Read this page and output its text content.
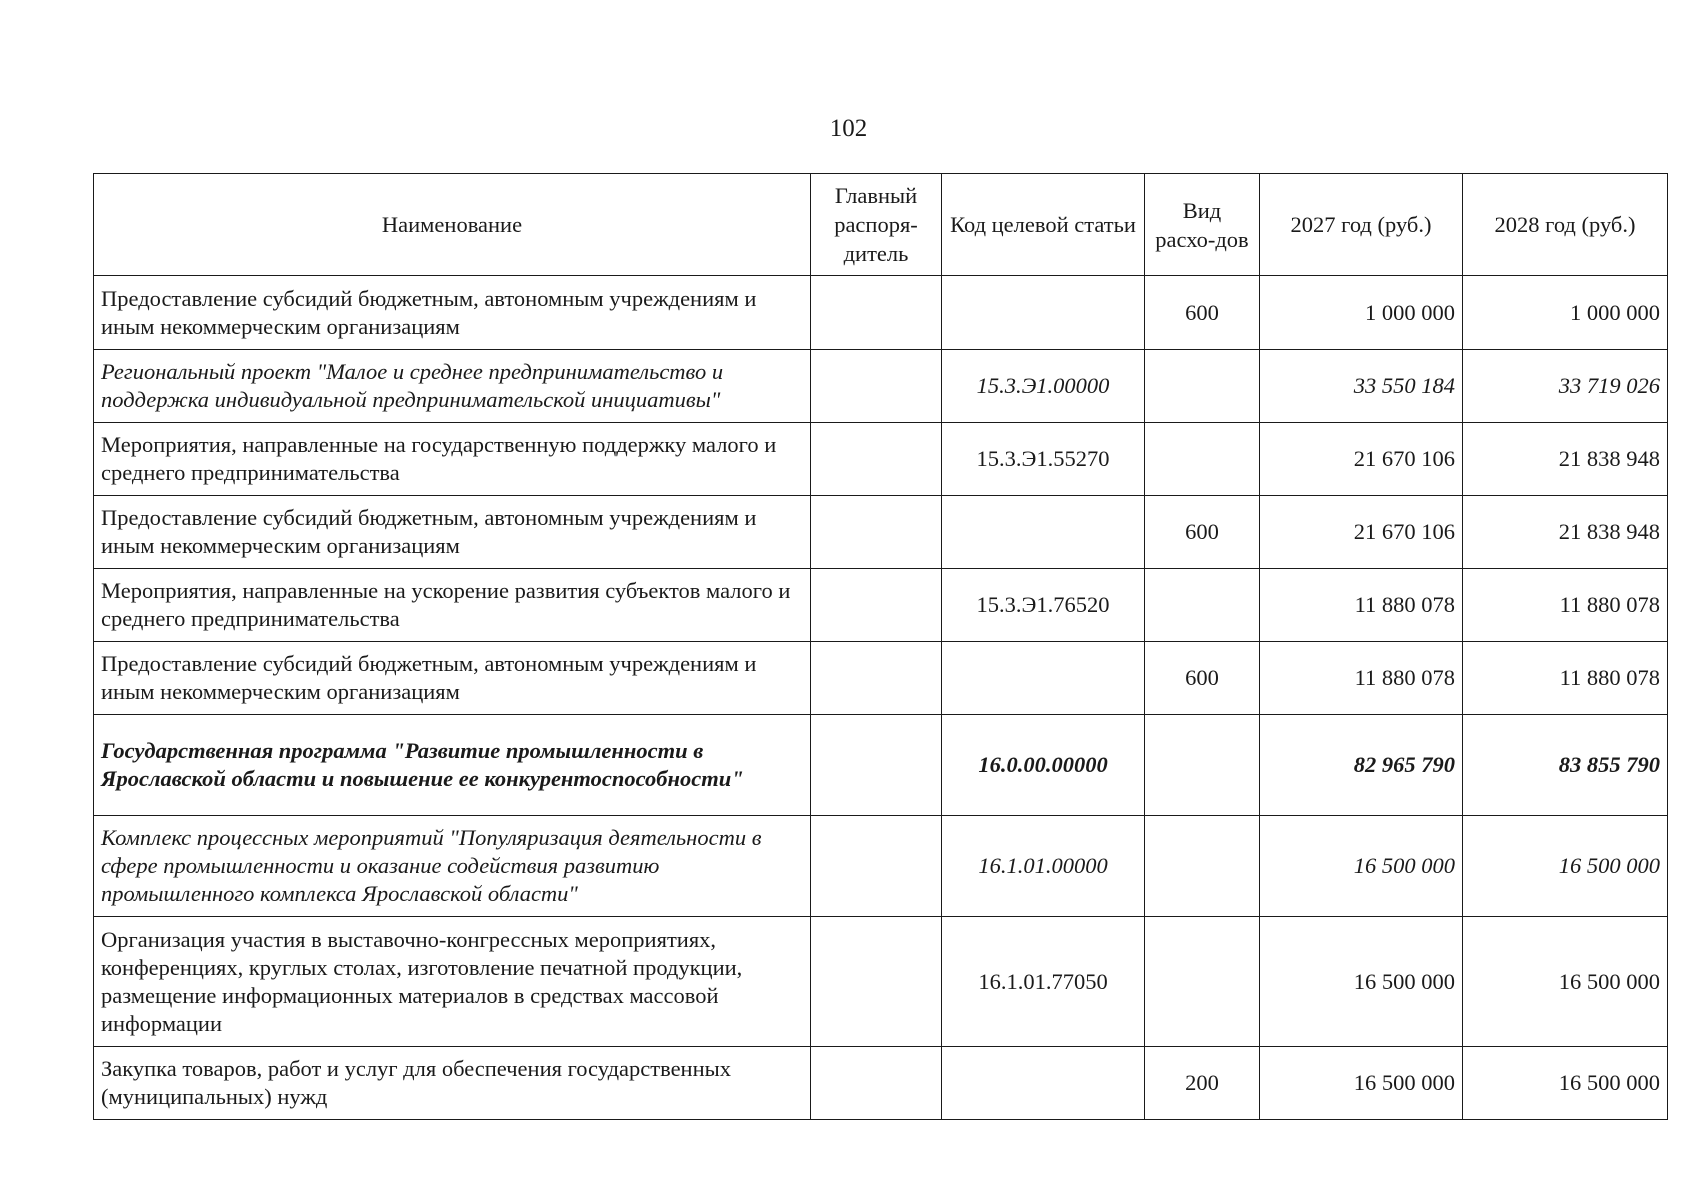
102
Наименование	Главный распоря-дитель	Код целевой статьи	Вид расхо-дов	2027 год (руб.)	2028 год (руб.)
Предоставление субсидий бюджетным, автономным учреждениям и иным некоммерческим организациям			600	1 000 000	1 000 000
Региональный проект "Малое и среднее предпринимательство и поддержка индивидуальной предпринимательской инициативы"		15.3.Э1.00000		33 550 184	33 719 026
Мероприятия, направленные на государственную поддержку малого и среднего предпринимательства		15.3.Э1.55270		21 670 106	21 838 948
Предоставление субсидий бюджетным, автономным учреждениям и иным некоммерческим организациям			600	21 670 106	21 838 948
Мероприятия, направленные на ускорение развития субъектов малого и среднего предпринимательства		15.3.Э1.76520		11 880 078	11 880 078
Предоставление субсидий бюджетным, автономным учреждениям и иным некоммерческим организациям			600	11 880 078	11 880 078
Государственная программа "Развитие промышленности в Ярославской области и повышение ее конкурентоспособности"		16.0.00.00000		82 965 790	83 855 790
Комплекс процессных мероприятий "Популяризация деятельности в сфере промышленности и оказание содействия развитию промышленного комплекса Ярославской области"		16.1.01.00000		16 500 000	16 500 000
Организация участия в выставочно-конгрессных мероприятиях, конференциях, круглых столах, изготовление печатной продукции, размещение информационных материалов в средствах массовой информации		16.1.01.77050		16 500 000	16 500 000
Закупка товаров, работ и услуг для обеспечения государственных (муниципальных) нужд			200	16 500 000	16 500 000
